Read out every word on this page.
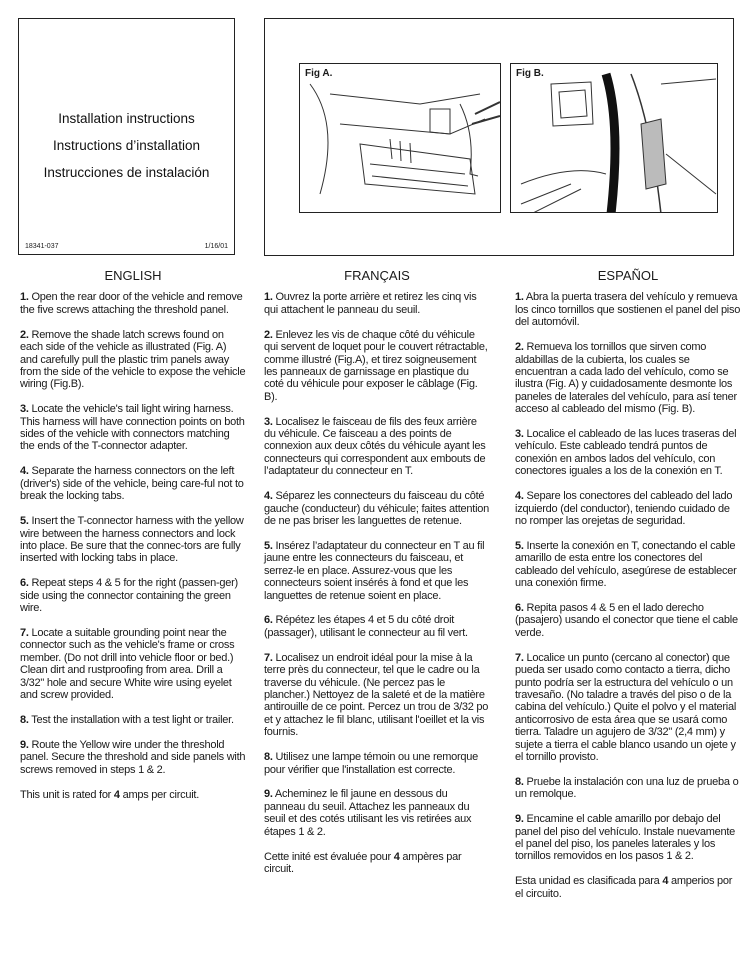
Installation instructions
Instructions d’installation
Instrucciones de instalación
18341-037	1/16/01
Fig A.	Fig B.
ENGLISH

1. Open the rear door of the vehicle and remove the five screws attaching the threshold panel.

2. Remove the shade latch screws found on each side of the vehicle as illustrated (Fig. A) and carefully pull the plastic trim panels away from the side of the vehicle to expose the vehicle wiring (Fig.B).

3. Locate the vehicle's tail light wiring harness. This harness will have connection points on both sides of the vehicle with connectors matching the ends of the T-connector adapter.

4. Separate the harness connectors on the left (driver's) side of the vehicle, being care-ful not to break the locking tabs.

5. Insert the T-connector harness with the yellow wire between the harness connectors and lock into place. Be sure that the connec-tors are fully inserted with locking tabs in place.

6. Repeat steps 4 & 5 for the right (passen-ger) side using the connector containing the green wire.

7. Locate a suitable grounding point near the connector such as the vehicle's frame or cross member. (Do not drill into vehicle floor or bed.) Clean dirt and rustproofing from area. Drill a 3/32" hole and secure White wire using eyelet and screw provided.

8. Test the installation with a test light or trailer.

9. Route the Yellow wire under the threshold panel. Secure the threshold and side panels with screws removed in steps 1 & 2.

This unit is rated for 4 amps per circuit.

FRANÇAIS

1. Ouvrez la porte arrière et retirez les cinq vis qui attachent le panneau du seuil.

2. Enlevez les vis de chaque côté du véhicule qui servent de loquet pour le couvert rétractable, comme illustré (Fig.A), et tirez soigneusement les panneaux de garnissage en plastique du coté du véhicule pour exposer le câblage (Fig. B).

3. Localisez le faisceau de fils des feux arrière du véhicule. Ce faisceau a des points de connexion aux deux côtés du véhicule ayant les connecteurs qui correspondent aux embouts de l’adaptateur du connecteur en T.

4. Séparez les connecteurs du faisceau du côté gauche (conducteur) du véhicule; faites attention de ne pas briser les languettes de retenue.

5. Insérez l’adaptateur du connecteur en T au fil jaune entre les connecteurs du faisceau, et serrez-le en place. Assurez-vous que les connecteurs soient insérés à fond et que les languettes de retenue soient en place.

6. Répétez les étapes 4 et 5 du côté droit (passager), utilisant le connecteur au fil vert.

7. Localisez un endroit idéal pour la mise à la terre près du connecteur, tel que le cadre ou la traverse du véhicule. (Ne percez pas le plancher.) Nettoyez de la saleté et de la matière antirouille de ce point. Percez un trou de 3/32 po et y attachez le fil blanc, utilisant l'oeillet et la vis fournis.

8. Utilisez une lampe témoin ou une remorque pour vérifier que l'installation est correcte.

9. Acheminez le fil jaune en dessous du panneau du seuil. Attachez les panneaux du seuil et des cotés utilisant les vis retirées aux étapes 1 & 2.

Cette inité est évaluée pour 4 ampères par circuit.

ESPAÑOL

1. Abra la puerta trasera del vehículo y remueva los cinco tornillos que sostienen el panel del piso del automóvil.

2. Remueva los tornillos que sirven como aldabillas de la cubierta, los cuales se encuentran a cada lado del vehículo, como se ilustra (Fig. A) y cuidadosamente desmonte los paneles de laterales del vehículo, para así tener acceso al cableado del mismo (Fig. B).

3. Localice el cableado de las luces traseras del vehículo. Este cableado tendrá puntos de conexión en ambos lados del vehículo, con conectores iguales a los de la conexión en T.

4. Separe los conectores del cableado del lado izquierdo (del conductor), teniendo cuidado de no romper las orejetas de seguridad.

5. Inserte la conexión en T, conectando el cable amarillo de esta entre los conectores del cableado del vehículo, asegúrese de establecer una conexión firme.

6. Repita pasos 4 & 5 en el lado derecho (pasajero) usando el conector que tiene el cable verde.

7. Localice un punto (cercano al conector) que pueda ser usado como contacto a tierra, dicho punto podría ser la estructura del vehículo o un travesaño. (No taladre a través del piso o de la cabina del vehículo.) Quite el polvo y el material anticorrosivo de esta área que se usará como tierra. Taladre un agujero de 3/32" (2,4 mm) y sujete a tierra el cable blanco usando un ojete y el tornillo provisto.

8. Pruebe la instalación con una luz de prueba o un remolque.

9. Encamine el cable amarillo por debajo del panel del piso del vehículo. Instale nuevamente el panel del piso, los paneles laterales y los tornillos removidos en los pasos 1 & 2.

Esta unidad es clasificada para 4 amperios por el circuito.
